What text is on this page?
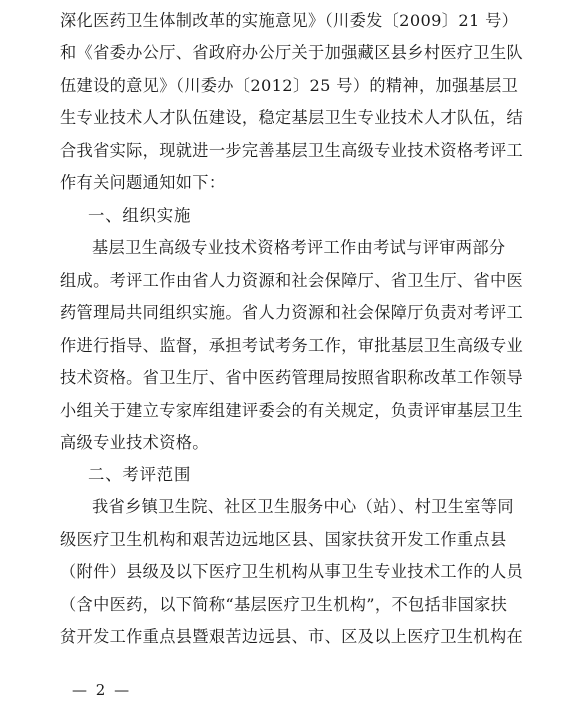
深化医药卫生体制改革的实施意见》（川委发〔2009〕21 号）
和《省委办公厅、省政府办公厅关于加强藏区县乡村医疗卫生队
伍建设的意见》（川委办〔2012〕25 号）的精神，加强基层卫
生专业技术人才队伍建设，稳定基层卫生专业技术人才队伍，结
合我省实际，现就进一步完善基层卫生高级专业技术资格考评工
作有关问题通知如下：
一、组织实施
基层卫生高级专业技术资格考评工作由考试与评审两部分
组成。考评工作由省人力资源和社会保障厅、省卫生厅、省中医
药管理局共同组织实施。省人力资源和社会保障厅负责对考评工
作进行指导、监督，承担考试考务工作，审批基层卫生高级专业
技术资格。省卫生厅、省中医药管理局按照省职称改革工作领导
小组关于建立专家库组建评委会的有关规定，负责评审基层卫生
高级专业技术资格。
二、考评范围
我省乡镇卫生院、社区卫生服务中心（站）、村卫生室等同
级医疗卫生机构和艰苦边远地区县、国家扶贫开发工作重点县
（附件）县级及以下医疗卫生机构从事卫生专业技术工作的人员
（含中医药，以下简称“基层医疗卫生机构”，不包括非国家扶
贫开发工作重点县暨艰苦边远县、市、区及以上医疗卫生机构在
— 2 —
